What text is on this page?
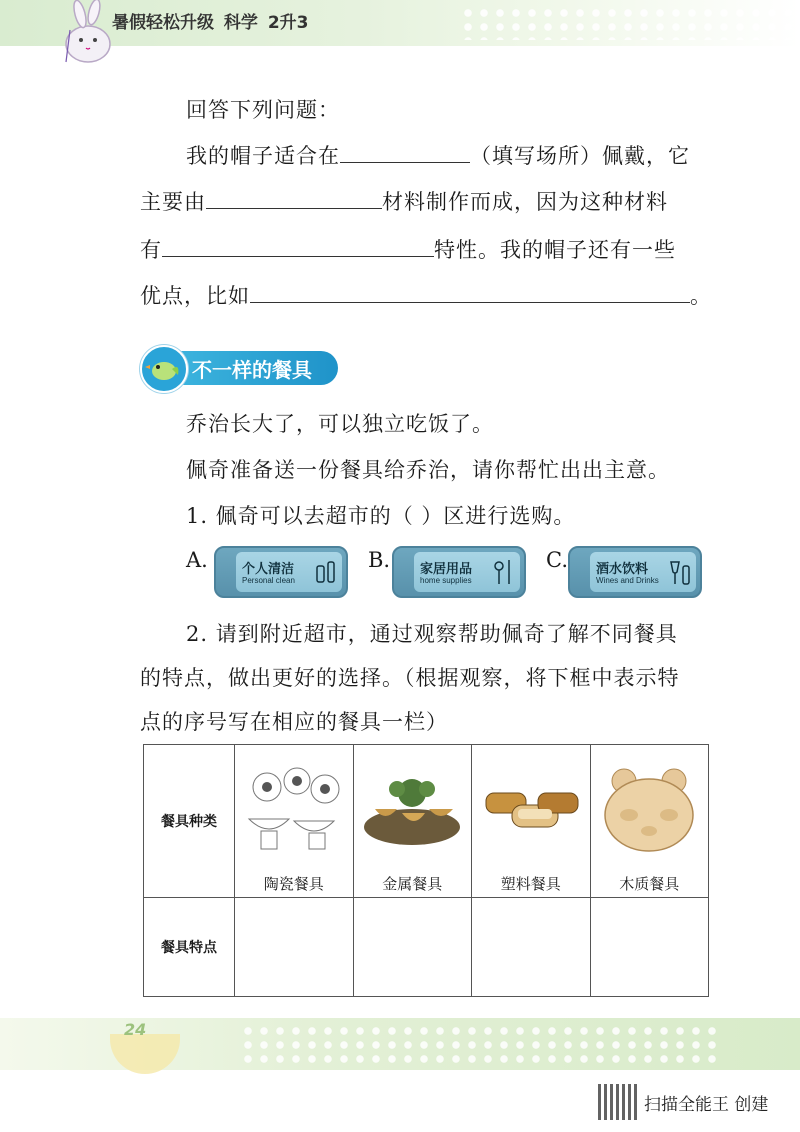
暑假轻松升级 科学 2升3
回答下列问题：
我的帽子适合在	（填写场所）佩戴，它
主要由	材料制作而成，因为这种材料
有	特性。我的帽子还有一些
优点，比如	。
不一样的餐具
乔治长大了，可以独立吃饭了。
佩奇准备送一份餐具给乔治，请你帮忙出出主意。
1. 佩奇可以去超市的（ ）区进行选购。
A.	个人清洁
Personal clean
B. 家居用品
home supplies
C. 酒水饮料
Wines and Drinks
2. 请到附近超市，通过观察帮助佩奇了解不同餐具
的特点，做出更好的选择。（根据观察，将下框中表示特
点的序号写在相应的餐具一栏）
餐具种类	陶瓷餐具	金属餐具	塑料餐具	木质餐具

餐具特点				
24
扫描全能王 创建
